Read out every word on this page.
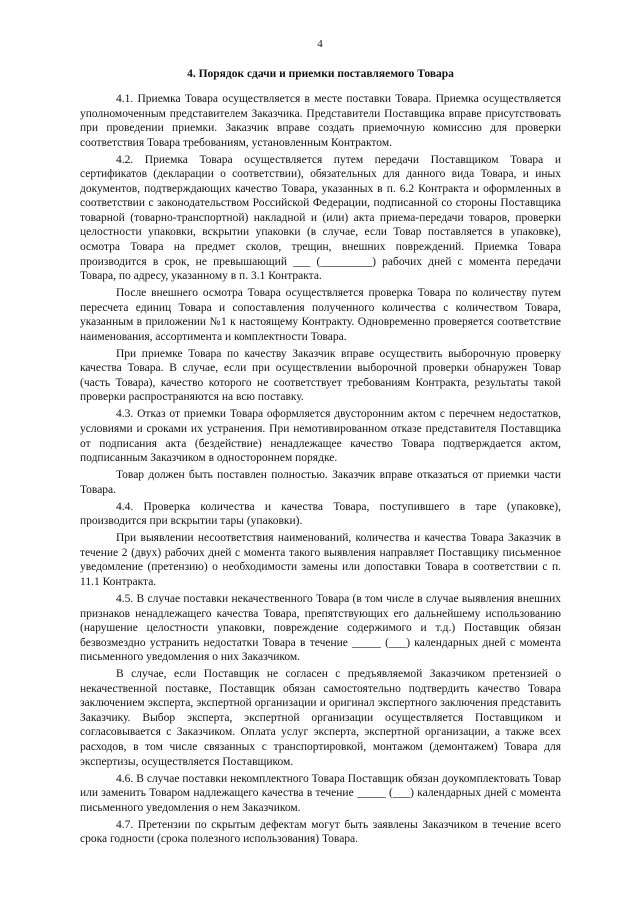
4
4. Порядок сдачи и приемки поставляемого Товара

4.1. Приемка Товара осуществляется в месте поставки Товара. Приемка осуществляется уполномоченным представителем Заказчика. Представители Поставщика вправе присутствовать при проведении приемки. Заказчик вправе создать приемочную комиссию для проверки соответствия Товара требованиям, установленным Контрактом.

4.2. Приемка Товара осуществляется путем передачи Поставщиком Товара и сертификатов (декларации о соответствии), обязательных для данного вида Товара, и иных документов, подтверждающих качество Товара, указанных в п. 6.2 Контракта и оформленных в соответствии с законодательством Российской Федерации, подписанной со стороны Поставщика товарной (товарно-транспортной) накладной и (или) акта приема-передачи товаров, проверки целостности упаковки, вскрытии упаковки (в случае, если Товар поставляется в упаковке), осмотра Товара на предмет сколов, трещин, внешних повреждений. Приемка Товара производится в срок, не превышающий ___ (_________) рабочих дней с момента передачи Товара, по адресу, указанному в п. 3.1 Контракта.

После внешнего осмотра Товара осуществляется проверка Товара по количеству путем пересчета единиц Товара и сопоставления полученного количества с количеством Товара, указанным в приложении №1 к настоящему Контракту. Одновременно проверяется соответствие наименования, ассортимента и комплектности Товара.

При приемке Товара по качеству Заказчик вправе осуществить выборочную проверку качества Товара. В случае, если при осуществлении выборочной проверки обнаружен Товар (часть Товара), качество которого не соответствует требованиям Контракта, результаты такой проверки распространяются на всю поставку.

4.3. Отказ от приемки Товара оформляется двусторонним актом с перечнем недостатков, условиями и сроками их устранения. При немотивированном отказе представителя Поставщика от подписания акта (бездействие) ненадлежащее качество Товара подтверждается актом, подписанным Заказчиком в одностороннем порядке.

Товар должен быть поставлен полностью. Заказчик вправе отказаться от приемки части Товара.

4.4. Проверка количества и качества Товара, поступившего в таре (упаковке), производится при вскрытии тары (упаковки).

При выявлении несоответствия наименований, количества и качества Товара Заказчик в течение 2 (двух) рабочих дней с момента такого выявления направляет Поставщику письменное уведомление (претензию) о необходимости замены или допоставки Товара в соответствии с п. 11.1 Контракта.

4.5. В случае поставки некачественного Товара (в том числе в случае выявления внешних признаков ненадлежащего качества Товара, препятствующих его дальнейшему использованию (нарушение целостности упаковки, повреждение содержимого и т.д.) Поставщик обязан безвозмездно устранить недостатки Товара в течение _____ (___) календарных дней с момента письменного уведомления о них Заказчиком.

В случае, если Поставщик не согласен с предъявляемой Заказчиком претензией о некачественной поставке, Поставщик обязан самостоятельно подтвердить качество Товара заключением эксперта, экспертной организации и оригинал экспертного заключения представить Заказчику. Выбор эксперта, экспертной организации осуществляется Поставщиком и согласовывается с Заказчиком. Оплата услуг эксперта, экспертной организации, а также всех расходов, в том числе связанных с транспортировкой, монтажом (демонтажем) Товара для экспертизы, осуществляется Поставщиком.

4.6. В случае поставки некомплектного Товара Поставщик обязан доукомплектовать Товар или заменить Товаром надлежащего качества в течение _____ (___) календарных дней с момента письменного уведомления о нем Заказчиком.

4.7. Претензии по скрытым дефектам могут быть заявлены Заказчиком в течение всего срока годности (срока полезного использования) Товара.
